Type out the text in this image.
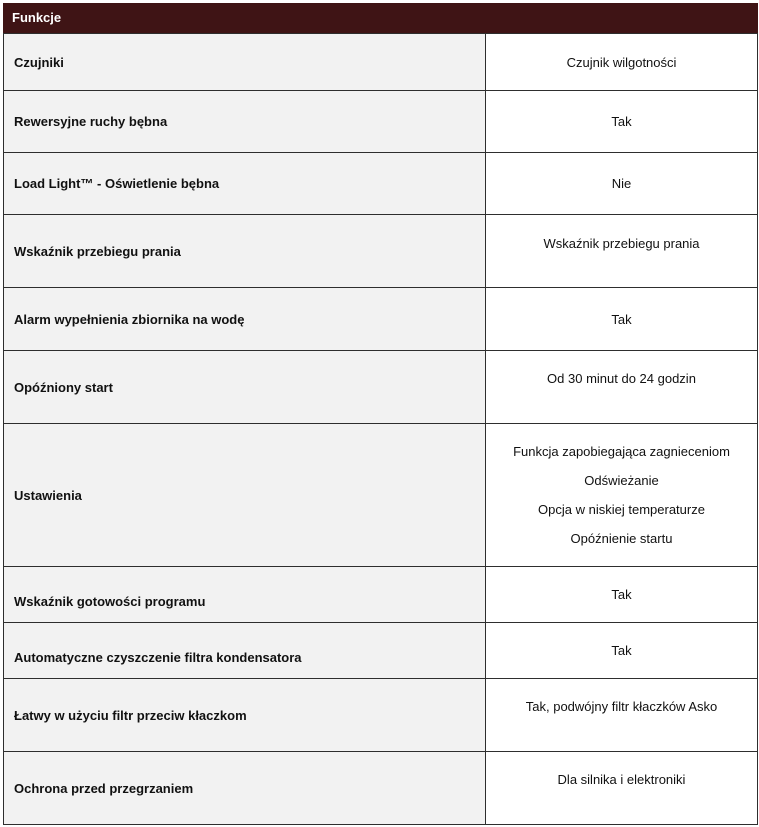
Funkcje
Czujniki	Czujnik wilgotności

Rewersyjne ruchy bębna	Tak

Load Light™ - Oświetlenie bębna	Nie

Wskaźnik przebiegu prania	Wskaźnik przebiegu prania

Alarm wypełnienia zbiornika na wodę	Tak

Opóźniony start	Od 30 minut do 24 godzin

Ustawienia	Funkcja zapobiegająca zagnieceniom
Odświeżanie
Opcja w niskiej temperaturze
Opóźnienie startu

Wskaźnik gotowości programu	Tak

Automatyczne czyszczenie filtra kondensatora	Tak

Łatwy w użyciu filtr przeciw kłaczkom	Tak, podwójny filtr kłaczków Asko

Ochrona przed przegrzaniem	Dla silnika i elektroniki
